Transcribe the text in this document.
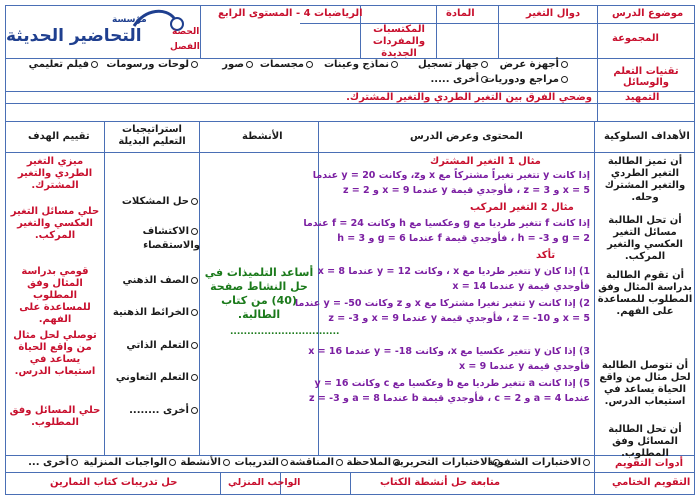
مؤسسة
التحاضير الحديثة
موضوع الدرس
دوال التغير
المادة
الرياضيات 4 - المستوى الرابع
المجموعة
المكتسبات والمفردات الجديدة
الحصة
الفصل
تقنيات التعلم والوسائل
أجهزة عرض
جهاز تسجيل
نماذج وعينات
مجسمات
صور
لوحات ورسومات
فيلم تعليمي
مراجع ودوريات
أخرى .....
التمهيد
وضحي الفرق بين التغير الطردي والتغير المشترك.
الأهداف السلوكية
المحتوى وعرض الدرس
الأنشطة
استراتيجيات التعليم البديلة
تقييم الهدف
أن تميز الطالبة التغير الطردي والتغير المشترك وحله.
أن تحل الطالبة مسائل التغير العكسي والتغير المركب.
أن تقوم الطالبة بدراسة المثال وفق المطلوب للمساعدة على الفهم.
أن تتوصل الطالبة لحل مثال من واقع الحياة يساعد في استيعاب الدرس.
أن تحل الطالبة المسائل وفق المطلوب.
مثال 1 التغير المشترك
إذا كانت y تتغير تغيراً مشتركاً مع x وz، وكانت y = 20 عندما
x = 5 و z = 3 ، فأوجدي قيمة y عندما x = 9 و z = 2
مثال 2 التغير المركب
إذا كانت f تتغير طرديا مع g وعكسيا مع h وكانت f = 24 عندما
g = 2 و h = -3 ، فأوجدي قيمة f عندما g = 6 و h = 3
تأكد
1) إذا كان y تتغير طرديا مع x ، وكانت y = 12 عندما x = 8
فأوجدي قيمة y عندما x = 14
2) إذا كانت y تتغير تغيرا مشتركا مع x و z وكانت y = -50 عندما
x = 5 و z = -10 ، فأوجدي قيمة y عندما x = 9 و z = -3
3) إذا كان y تتغير عكسيا مع x، وكانت y = -18 عندما x = 16
فأوجدي قيمة y عندما x = 9
5) إذا كانت a تتغير طرديا مع b وعكسيا مع c وكانت y = 16
عندما a = 4 و c = 2 ، فأوجدي قيمة b عندما a = 8 و z = -3
أساعد التلميذات في حل النشاط صفحة (40) من كتاب الطالبة.
................................
حل المشكلات
الاكتشاف والاستقصاء
الصف الذهني
الخرائط الذهنية
التعلم الذاتي
التعلم التعاوني
أخرى ........
ميزي التغير الطردي والتغير المشترك.
حلي مسائل التغير العكسي والتغير المركب.
قومي بدراسة المثال وفق المطلوب للمساعدة على الفهم.
توصلي لحل مثال من واقع الحياة يساعد في استيعاب الدرس.
حلي المسائل وفق المطلوب.
أدوات التقويم
الاختبارات الشفوية
الاختبارات التحريرية
الملاحظة
المناقشة
التدريبات
الأنشطة
الواجبات المنزلية
أخرى ...
التقويم الختامي
متابعة حل أنشطة الكتاب
الواجب المنزلي
حل تدريبات كتاب التمارين
